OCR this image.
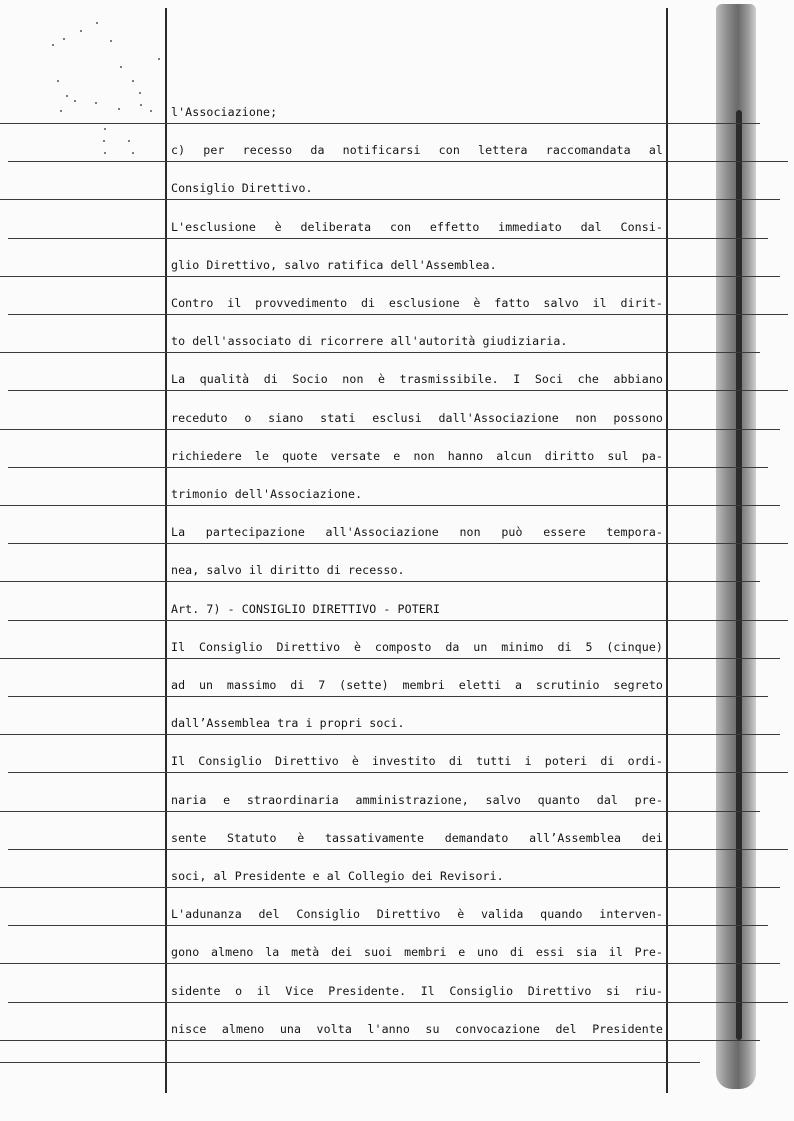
l'Associazione;
c) per recesso da notificarsi con lettera raccomandata al
Consiglio Direttivo.
L'esclusione è deliberata con effetto immediato dal Consi-
glio Direttivo, salvo ratifica dell'Assemblea.
Contro il provvedimento di esclusione è fatto salvo il dirit-
to dell'associato di ricorrere all'autorità giudiziaria.
La qualità di Socio non è trasmissibile. I Soci che abbiano
receduto o siano stati esclusi dall'Associazione non possono
richiedere le quote versate e non hanno alcun diritto sul pa-
trimonio dell'Associazione.
La partecipazione all'Associazione non può essere tempora-
nea, salvo il diritto di recesso.
Art. 7) - CONSIGLIO DIRETTIVO - POTERI
Il Consiglio Direttivo è composto da un minimo di 5 (cinque)
ad un massimo di 7 (sette) membri eletti a scrutinio segreto
dall’Assemblea tra i propri soci.
Il Consiglio Direttivo è investito di tutti i poteri di ordi-
naria e straordinaria amministrazione, salvo quanto dal pre-
sente Statuto è tassativamente demandato all’Assemblea dei
soci, al Presidente e al Collegio dei Revisori.
L'adunanza del Consiglio Direttivo è valida quando interven-
gono almeno la metà dei suoi membri e uno di essi sia il Pre-
sidente o il Vice Presidente. Il Consiglio Direttivo si riu-
nisce almeno una volta l'anno su convocazione del Presidente
